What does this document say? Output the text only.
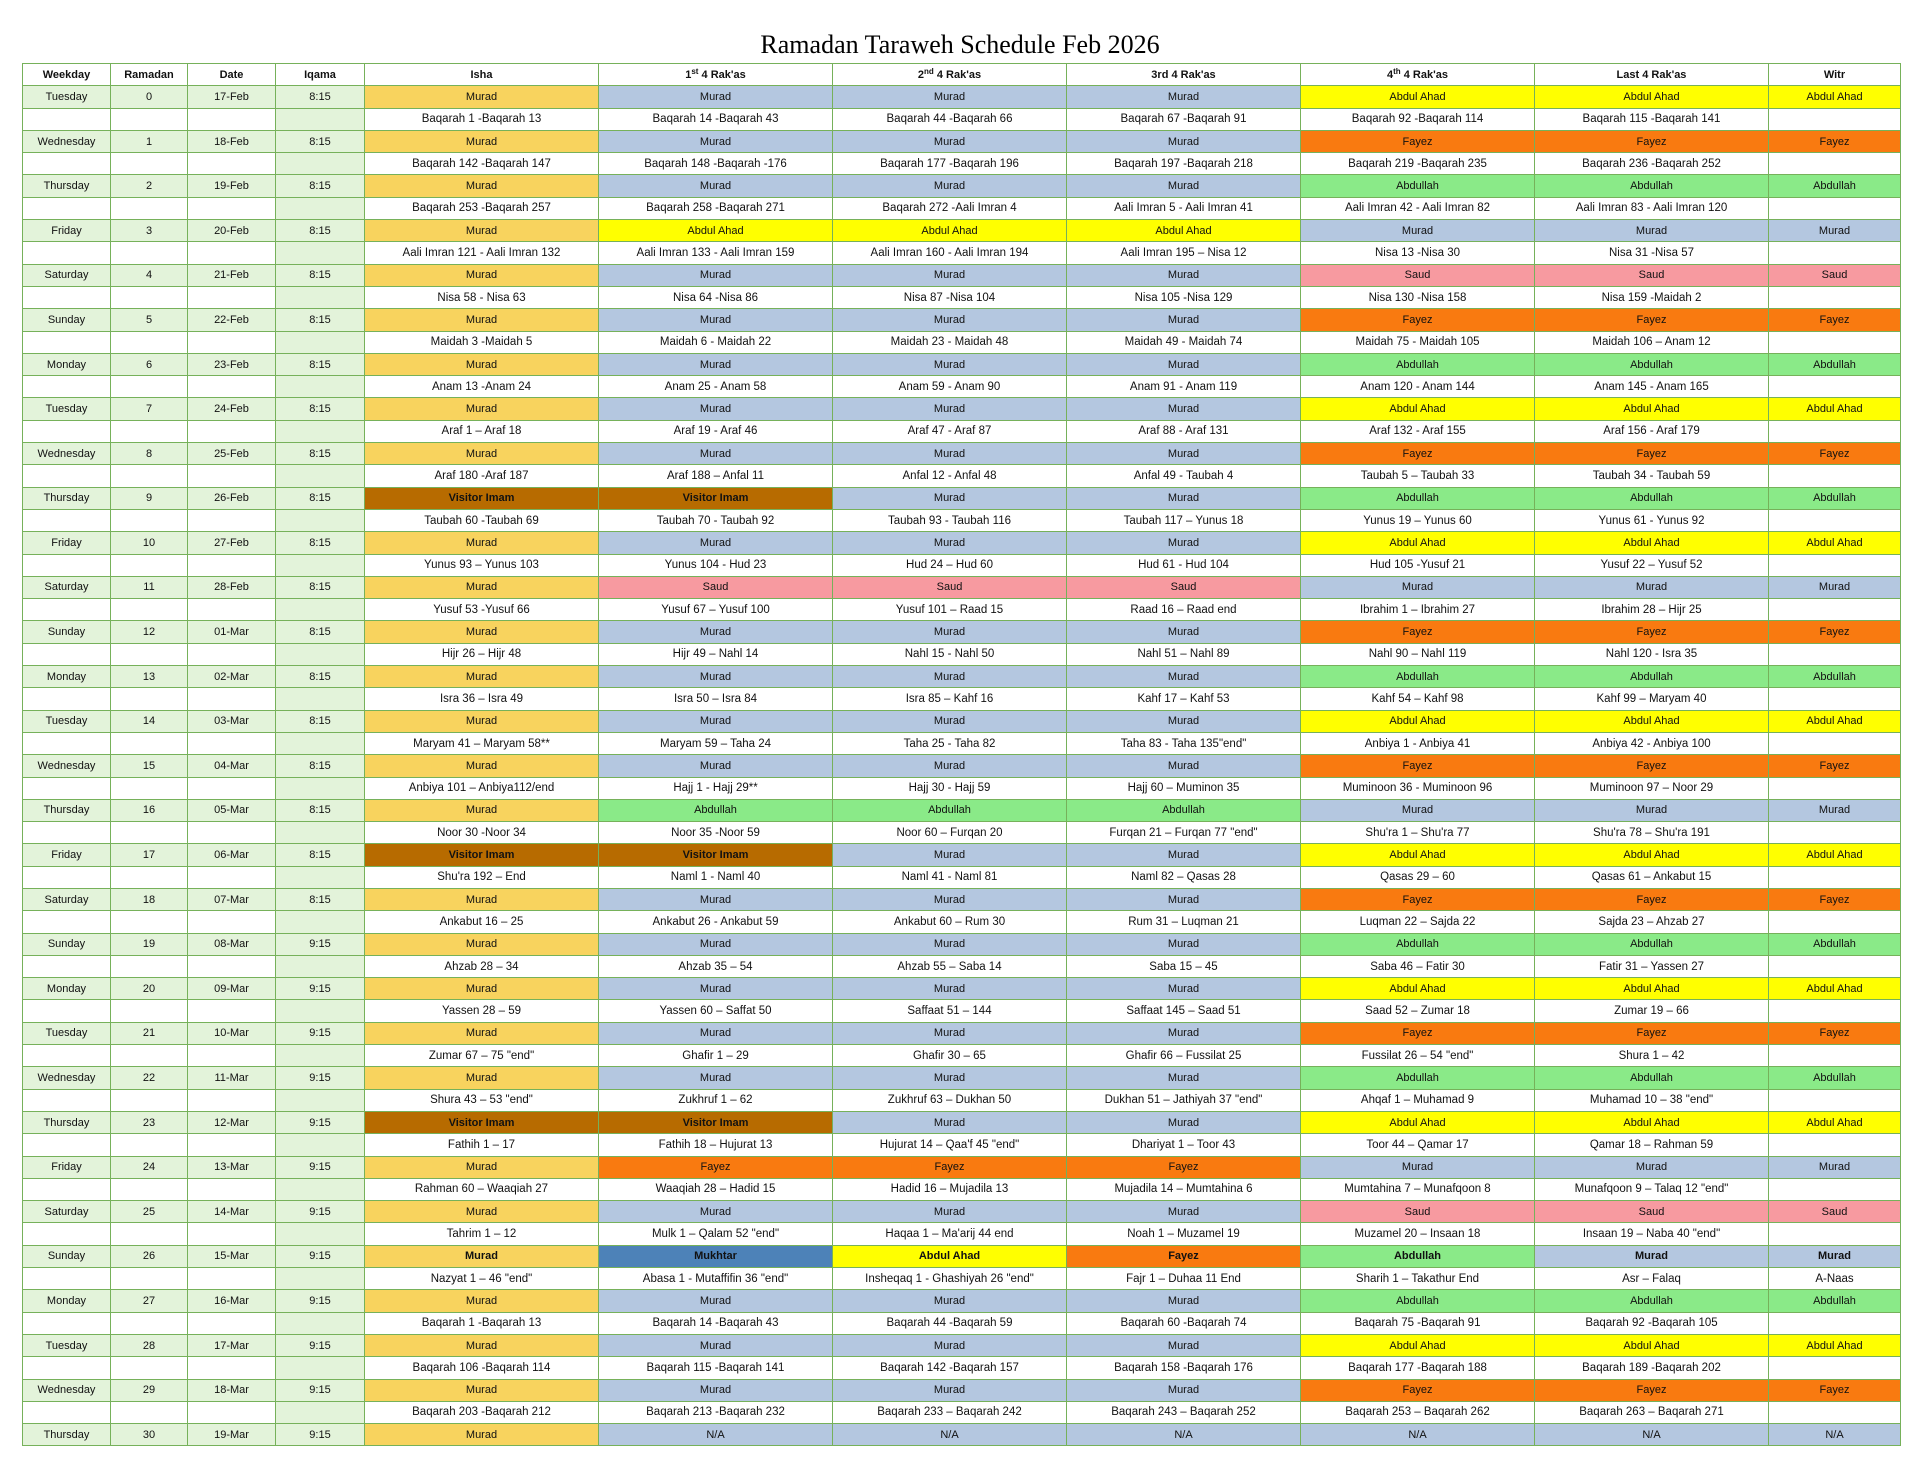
Ramadan Taraweh Schedule Feb 2026
Weekday	Ramadan	Date	Iqama	Isha	1st 4 Rak'as	2nd 4 Rak'as	3rd 4 Rak'as	4th 4 Rak'as	Last 4 Rak'as	Witr
Tuesday	0	17-Feb	8:15	Murad	Murad	Murad	Murad	Abdul Ahad	Abdul Ahad	Abdul Ahad
				Baqarah 1 -Baqarah 13	Baqarah 14 -Baqarah 43	Baqarah 44 -Baqarah 66	Baqarah 67 -Baqarah 91	Baqarah 92 -Baqarah 114	Baqarah 115 -Baqarah 141	
Wednesday	1	18-Feb	8:15	Murad	Murad	Murad	Murad	Fayez	Fayez	Fayez
				Baqarah 142 -Baqarah 147	Baqarah 148 -Baqarah -176	Baqarah 177 -Baqarah 196	Baqarah 197 -Baqarah 218	Baqarah 219 -Baqarah 235	Baqarah 236 -Baqarah 252	
Thursday	2	19-Feb	8:15	Murad	Murad	Murad	Murad	Abdullah	Abdullah	Abdullah
				Baqarah 253 -Baqarah 257	Baqarah 258 -Baqarah 271	Baqarah 272 -Aali Imran 4	Aali Imran 5 - Aali Imran 41	Aali Imran 42 - Aali Imran 82	Aali Imran 83 - Aali Imran 120	
Friday	3	20-Feb	8:15	Murad	Abdul Ahad	Abdul Ahad	Abdul Ahad	Murad	Murad	Murad
				Aali Imran 121 - Aali Imran 132	Aali Imran 133 - Aali Imran 159	Aali Imran 160 - Aali Imran 194	Aali Imran 195 – Nisa 12	Nisa 13 -Nisa 30	Nisa 31 -Nisa 57	
Saturday	4	21-Feb	8:15	Murad	Murad	Murad	Murad	Saud	Saud	Saud
				Nisa 58 - Nisa 63	Nisa 64 -Nisa 86	Nisa 87 -Nisa 104	Nisa 105 -Nisa 129	Nisa 130 -Nisa 158	Nisa 159 -Maidah 2	
Sunday	5	22-Feb	8:15	Murad	Murad	Murad	Murad	Fayez	Fayez	Fayez
				Maidah 3 -Maidah 5	Maidah 6 - Maidah 22	Maidah 23 - Maidah 48	Maidah 49 - Maidah 74	Maidah 75 - Maidah 105	Maidah 106 – Anam 12	
Monday	6	23-Feb	8:15	Murad	Murad	Murad	Murad	Abdullah	Abdullah	Abdullah
				Anam 13 -Anam 24	Anam 25 - Anam 58	Anam 59 - Anam 90	Anam 91 - Anam 119	Anam 120 - Anam 144	Anam 145 - Anam 165	
Tuesday	7	24-Feb	8:15	Murad	Murad	Murad	Murad	Abdul Ahad	Abdul Ahad	Abdul Ahad
				Araf 1 – Araf 18	Araf 19 - Araf 46	Araf 47 - Araf 87	Araf 88 - Araf 131	Araf 132 - Araf 155	Araf 156 - Araf 179	
Wednesday	8	25-Feb	8:15	Murad	Murad	Murad	Murad	Fayez	Fayez	Fayez
				Araf 180 -Araf 187	Araf 188 – Anfal 11	Anfal 12 - Anfal 48	Anfal 49 - Taubah 4	Taubah 5 – Taubah 33	Taubah 34 - Taubah 59	
Thursday	9	26-Feb	8:15	Visitor Imam	Visitor Imam	Murad	Murad	Abdullah	Abdullah	Abdullah
				Taubah 60 -Taubah 69	Taubah 70 - Taubah 92	Taubah 93 - Taubah 116	Taubah 117 – Yunus 18	Yunus 19 – Yunus 60	Yunus 61 - Yunus 92	
Friday	10	27-Feb	8:15	Murad	Murad	Murad	Murad	Abdul Ahad	Abdul Ahad	Abdul Ahad
				Yunus 93 – Yunus 103	Yunus 104 - Hud 23	Hud 24 – Hud 60	Hud 61 - Hud 104	Hud 105 -Yusuf 21	Yusuf 22 – Yusuf 52	
Saturday	11	28-Feb	8:15	Murad	Saud	Saud	Saud	Murad	Murad	Murad
				Yusuf 53 -Yusuf 66	Yusuf 67 – Yusuf 100	Yusuf 101 – Raad 15	Raad 16 – Raad end	Ibrahim 1 – Ibrahim 27	Ibrahim 28 – Hijr 25	
Sunday	12	01-Mar	8:15	Murad	Murad	Murad	Murad	Fayez	Fayez	Fayez
				Hijr 26 – Hijr 48	Hijr 49 – Nahl 14	Nahl 15 - Nahl 50	Nahl 51 – Nahl 89	Nahl 90 – Nahl 119	Nahl 120 - Isra 35	
Monday	13	02-Mar	8:15	Murad	Murad	Murad	Murad	Abdullah	Abdullah	Abdullah
				Isra 36 – Isra 49	Isra 50 – Isra 84	Isra 85 – Kahf 16	Kahf 17 – Kahf 53	Kahf 54 – Kahf 98	Kahf 99 – Maryam 40	
Tuesday	14	03-Mar	8:15	Murad	Murad	Murad	Murad	Abdul Ahad	Abdul Ahad	Abdul Ahad
				Maryam 41 – Maryam 58**	Maryam 59 – Taha 24	Taha 25 - Taha 82	Taha 83 - Taha 135"end"	Anbiya 1 - Anbiya 41	Anbiya 42 - Anbiya 100	
Wednesday	15	04-Mar	8:15	Murad	Murad	Murad	Murad	Fayez	Fayez	Fayez
				Anbiya 101 – Anbiya112/end	Hajj 1 - Hajj 29**	Hajj 30 - Hajj 59	Hajj 60 – Muminon 35	Muminoon 36 - Muminoon 96	Muminoon 97 – Noor 29	
Thursday	16	05-Mar	8:15	Murad	Abdullah	Abdullah	Abdullah	Murad	Murad	Murad
				Noor 30 -Noor 34	Noor 35 -Noor 59	Noor 60 – Furqan 20	Furqan 21 – Furqan 77 "end"	Shu'ra 1 – Shu'ra 77	Shu'ra 78 – Shu'ra 191	
Friday	17	06-Mar	8:15	Visitor Imam	Visitor Imam	Murad	Murad	Abdul Ahad	Abdul Ahad	Abdul Ahad
				Shu'ra 192 – End	Naml 1 - Naml 40	Naml 41 - Naml 81	Naml 82 – Qasas 28	Qasas 29 – 60	Qasas 61 – Ankabut 15	
Saturday	18	07-Mar	8:15	Murad	Murad	Murad	Murad	Fayez	Fayez	Fayez
				Ankabut 16 – 25	Ankabut 26 - Ankabut 59	Ankabut 60 – Rum 30	Rum 31 – Luqman 21	Luqman 22 – Sajda 22	Sajda 23 – Ahzab 27	
Sunday	19	08-Mar	9:15	Murad	Murad	Murad	Murad	Abdullah	Abdullah	Abdullah
				Ahzab 28 – 34	Ahzab 35 – 54	Ahzab 55 – Saba 14	Saba 15 – 45	Saba 46 – Fatir 30	Fatir 31 – Yassen 27	
Monday	20	09-Mar	9:15	Murad	Murad	Murad	Murad	Abdul Ahad	Abdul Ahad	Abdul Ahad
				Yassen 28 – 59	Yassen 60 – Saffat 50	Saffaat 51 – 144	Saffaat 145 – Saad 51	Saad 52 – Zumar 18	Zumar 19 – 66	
Tuesday	21	10-Mar	9:15	Murad	Murad	Murad	Murad	Fayez	Fayez	Fayez
				Zumar 67 – 75 "end"	Ghafir 1 – 29	Ghafir 30 – 65	Ghafir 66 – Fussilat 25	Fussilat 26 – 54 "end"	Shura 1 – 42	
Wednesday	22	11-Mar	9:15	Murad	Murad	Murad	Murad	Abdullah	Abdullah	Abdullah
				Shura 43 – 53 "end"	Zukhruf 1 – 62	Zukhruf 63 – Dukhan 50	Dukhan 51 – Jathiyah 37 "end"	Ahqaf 1 – Muhamad 9	Muhamad 10 – 38 "end"	
Thursday	23	12-Mar	9:15	Visitor Imam	Visitor Imam	Murad	Murad	Abdul Ahad	Abdul Ahad	Abdul Ahad
				Fathih 1 – 17	Fathih 18 – Hujurat 13	Hujurat 14 – Qaa'f 45 "end"	Dhariyat 1 – Toor 43	Toor 44 – Qamar 17	Qamar 18 – Rahman 59	
Friday	24	13-Mar	9:15	Murad	Fayez	Fayez	Fayez	Murad	Murad	Murad
				Rahman 60 – Waaqiah 27	Waaqiah 28 – Hadid 15	Hadid 16 – Mujadila 13	Mujadila 14 – Mumtahina 6	Mumtahina 7 – Munafqoon 8	Munafqoon 9 – Talaq 12 "end"	
Saturday	25	14-Mar	9:15	Murad	Murad	Murad	Murad	Saud	Saud	Saud
				Tahrim 1 – 12	Mulk 1 – Qalam 52 "end"	Haqaa 1 – Ma'arij 44 end	Noah 1 – Muzamel 19	Muzamel 20 – Insaan 18	Insaan 19 – Naba 40 "end"	
Sunday	26	15-Mar	9:15	Murad	Mukhtar	Abdul Ahad	Fayez	Abdullah	Murad	Murad
				Nazyat 1 – 46 "end"	Abasa 1 - Mutaffifin 36 "end"	Insheqaq 1 - Ghashiyah 26 "end"	Fajr 1 – Duhaa 11 End	Sharih 1 – Takathur End	Asr – Falaq	A-Naas
Monday	27	16-Mar	9:15	Murad	Murad	Murad	Murad	Abdullah	Abdullah	Abdullah
				Baqarah 1 -Baqarah 13	Baqarah 14 -Baqarah 43	Baqarah 44 -Baqarah 59	Baqarah 60 -Baqarah 74	Baqarah 75 -Baqarah 91	Baqarah 92 -Baqarah 105	
Tuesday	28	17-Mar	9:15	Murad	Murad	Murad	Murad	Abdul Ahad	Abdul Ahad	Abdul Ahad
				Baqarah 106 -Baqarah 114	Baqarah 115 -Baqarah 141	Baqarah 142 -Baqarah 157	Baqarah 158 -Baqarah 176	Baqarah 177 -Baqarah 188	Baqarah 189 -Baqarah 202	
Wednesday	29	18-Mar	9:15	Murad	Murad	Murad	Murad	Fayez	Fayez	Fayez
				Baqarah 203 -Baqarah 212	Baqarah 213 -Baqarah 232	Baqarah 233 – Baqarah 242	Baqarah 243 – Baqarah 252	Baqarah 253 – Baqarah 262	Baqarah 263 – Baqarah 271	
Thursday	30	19-Mar	9:15	Murad	N/A	N/A	N/A	N/A	N/A	N/A
